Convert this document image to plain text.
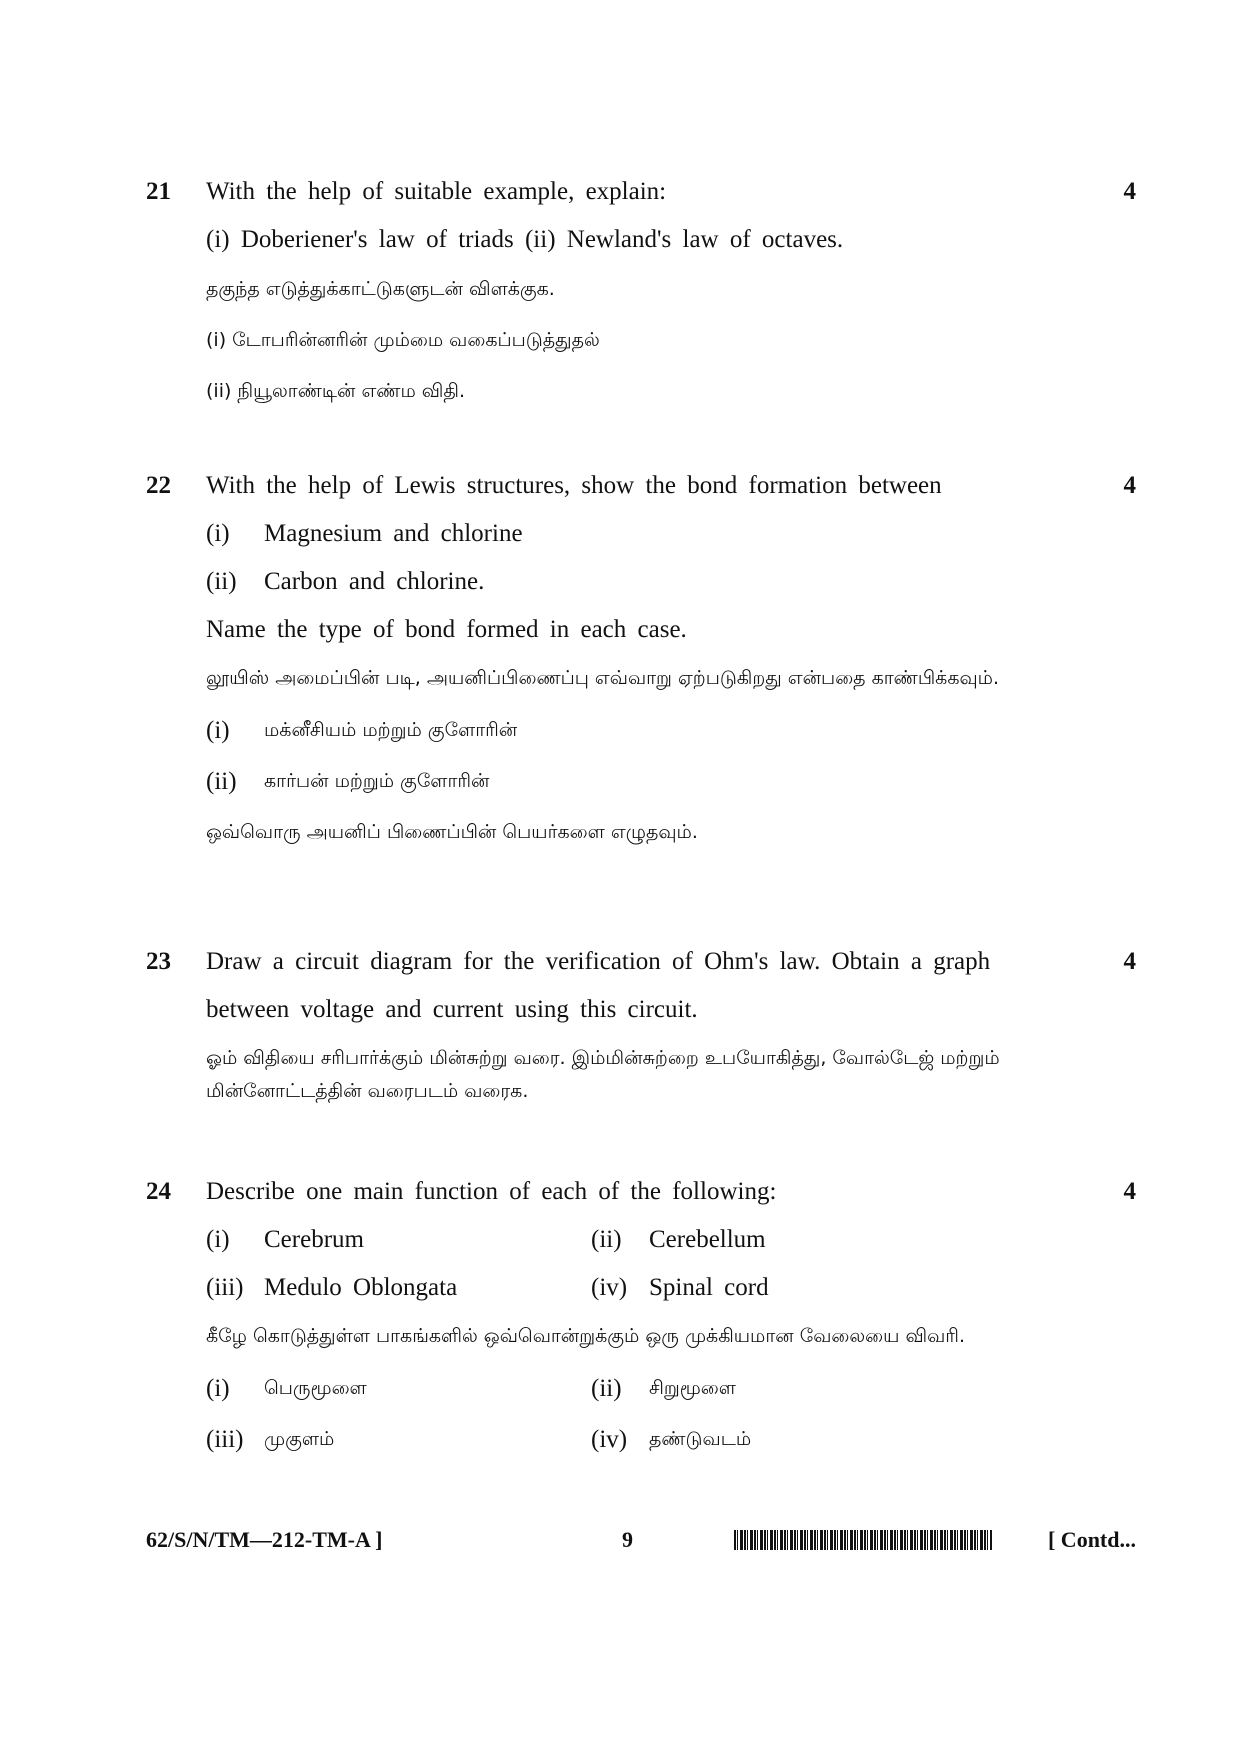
21	4
With the help of suitable example, explain:
(i) Doberiener's law of triads (ii) Newland's law of octaves.
தகுந்த எடுத்துக்காட்டுகளுடன் விளக்குக.
(i) டோபரின்னரின் மும்மை வகைப்படுத்துதல்
(ii) நியூலாண்டின் எண்ம விதி.
22	4
With the help of Lewis structures, show the bond formation between
(i)	Magnesium and chlorine
(ii)	Carbon and chlorine.
Name the type of bond formed in each case.
லூயிஸ் அமைப்பின் படி, அயனிப்பிணைப்பு எவ்வாறு ஏற்படுகிறது என்பதை காண்பிக்கவும்.
(i)	மக்னீசியம் மற்றும் குளோரின்
(ii)	கார்பன் மற்றும் குளோரின்
ஒவ்வொரு அயனிப் பிணைப்பின் பெயர்களை எழுதவும்.
23	4
Draw a circuit diagram for the verification of Ohm's law. Obtain a graph
between voltage and current using this circuit.
ஓம் விதியை சரிபார்க்கும் மின்சுற்று வரை. இம்மின்சுற்றை உபயோகித்து, வோல்டேஜ் மற்றும் மின்னோட்டத்தின் வரைபடம் வரைக.
24	4
Describe one main function of each of the following:
(i)	Cerebrum	(ii)	Cerebellum
(iii) Medulo Oblongata	(iv) Spinal cord
கீழே கொடுத்துள்ள பாகங்களில் ஒவ்வொன்றுக்கும் ஒரு முக்கியமான வேலையை விவரி.
(i)	பெருமூளை	(ii)	சிறுமூளை
(iii)	முகுளம்	(iv)	தண்டுவடம்
62/S/N/TM—212-TM-A ]	9	[ Contd...
